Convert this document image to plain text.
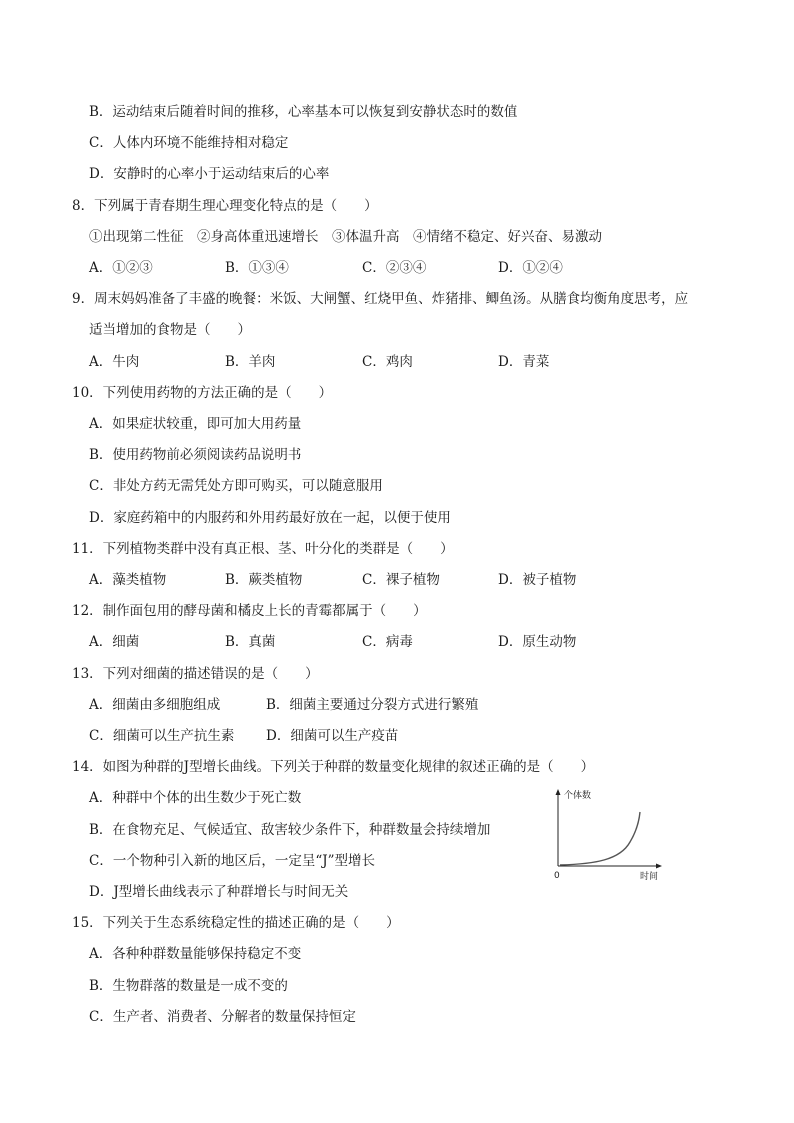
B．运动结束后随着时间的推移，心率基本可以恢复到安静状态时的数值
C．人体内环境不能维持相对稳定
D．安静时的心率小于运动结束后的心率
8．下列属于青春期生理心理变化特点的是（　　）
①出现第二性征　②身高体重迅速增长　③体温升高　④情绪不稳定、好兴奋、易激动
A．①②③	B．①③④	C．②③④	D．①②④
9．周末妈妈准备了丰盛的晚餐：米饭、大闸蟹、红烧甲鱼、炸猪排、鲫鱼汤。从膳食均衡角度思考，应
适当增加的食物是（　　）
A．牛肉	B．羊肉	C．鸡肉	D．青菜
10．下列使用药物的方法正确的是（　　）
A．如果症状较重，即可加大用药量
B．使用药物前必须阅读药品说明书
C．非处方药无需凭处方即可购买，可以随意服用
D．家庭药箱中的内服药和外用药最好放在一起，以便于使用
11．下列植物类群中没有真正根、茎、叶分化的类群是（　　）
A．藻类植物	B．蕨类植物	C．裸子植物	D．被子植物
12．制作面包用的酵母菌和橘皮上长的青霉都属于（　　）
A．细菌	B．真菌	C．病毒	D．原生动物
13．下列对细菌的描述错误的是（　　）
A．细菌由多细胞组成	B．细菌主要通过分裂方式进行繁殖
C．细菌可以生产抗生素 D．细菌可以生产疫苗
14．如图为种群的J型增长曲线。下列关于种群的数量变化规律的叙述正确的是（　　）
A．种群中个体的出生数少于死亡数
B．在食物充足、气候适宜、敌害较少条件下，种群数量会持续增加
C．一个物种引入新的地区后，一定呈“J”型增长
D．J型增长曲线表示了种群增长与时间无关
个体数
时间
0
15．下列关于生态系统稳定性的描述正确的是（　　）
A．各种种群数量能够保持稳定不变
B．生物群落的数量是一成不变的
C．生产者、消费者、分解者的数量保持恒定
